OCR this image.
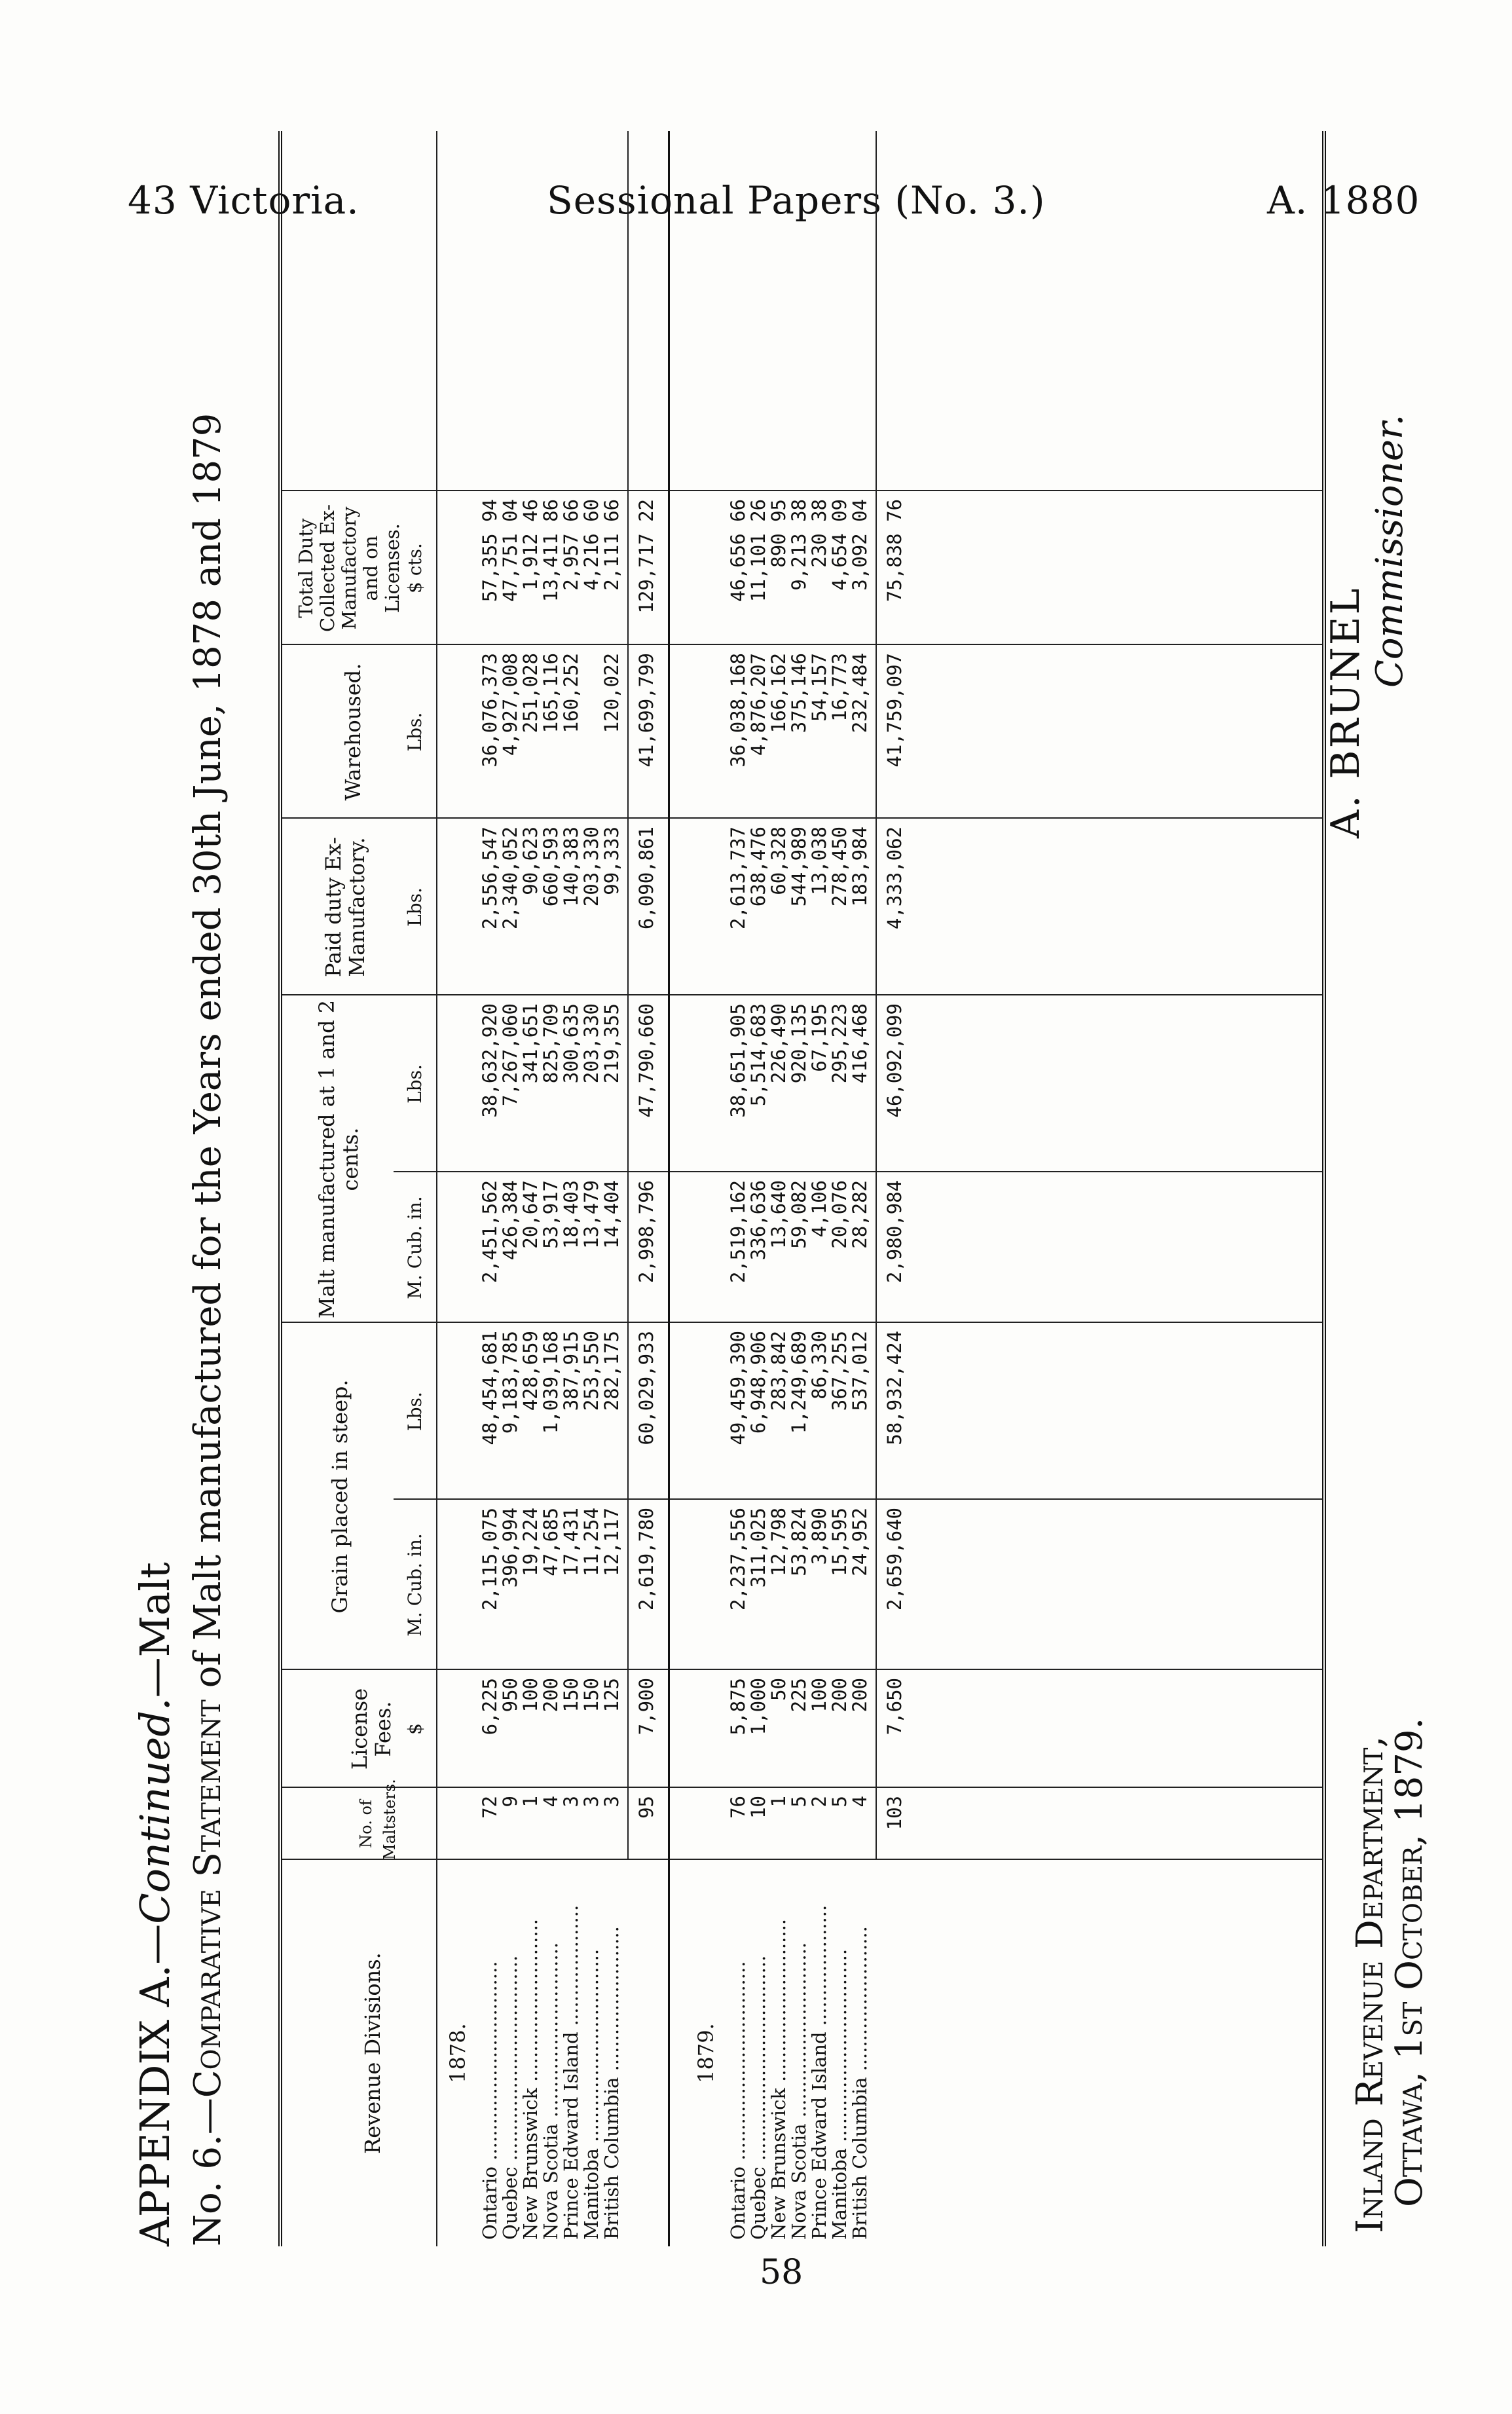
43 Victoria.	Sessional Papers (No. 3.)	A. 1880
APPENDIX A.—Continued.—Malt
No. 6.—Comparative Statement of Malt manufactured for the Years ended 30th June, 1878 and 1879
Revenue Divisions.
No. of Maltsters.
License Fees.
Grain placed in steep.
Malt manufactured at 1 and 2 cents.
Paid duty Ex-Manufactory.
Warehoused.
Total Duty Collected Ex-Manufactory and on Licenses.
$
M. Cub. in.
Lbs.
M. Cub. in.
Lbs.
Lbs.
Lbs.
$ cts.
1878. Ontario .................................
72
6,225
2,115,075
48,454,681
2,451,562
38,632,920
2,556,547
36,076,373
57,355 94
Quebec ..................................
9
950
396,994
9,183,785
426,384
7,267,060
2,340,052
4,927,008
47,751 04
New Brunswick ...........................
1
100
19,224
428,659
20,647
341,651
90,623
251,028
1,912 46
Nova Scotia .............................
4
200
47,685
1,039,168
53,917
825,709
660,593
165,116
13,411 86
Prince Edward Island ....................
3
150
17,431
387,915
18,403
300,635
140,383
160,252
2,957 66
Manitoba ................................
3
150
11,254
253,550
13,479
203,330
203,330
4,216 60
British Columbia ........................
3
125
12,117
282,175
14,404
219,355
99,333
120,022
2,111 66
95
7,900
2,619,780
60,029,933
2,998,796
47,790,660
6,090,861
41,699,799
129,717 22
1879. Ontario .................................
76
5,875
2,237,556
49,459,390
2,519,162
38,651,905
2,613,737
36,038,168
46,656 66
Quebec ..................................
10
1,000
311,025
6,948,906
336,636
5,514,683
638,476
4,876,207
11,101 26
New Brunswick ...........................
1
50
12,798
283,842
13,640
226,490
60,328
166,162
890 95
Nova Scotia .............................
5
225
53,824
1,249,689
59,082
920,135
544,989
375,146
9,213 38
Prince Edward Island ....................
2
100
3,890
86,330
4,106
67,195
13,038
54,157
230 38
Manitoba ................................
5
200
15,595
367,255
20,076
295,223
278,450
16,773
4,654 09
British Columbia ........................
4
200
24,952
537,012
28,282
416,468
183,984
232,484
3,092 04
103
7,650
2,659,640
58,932,424
2,980,984
46,092,099
4,333,062
41,759,097
75,838 76
Inland Revenue Department,
Ottawa, 1st October, 1879.
A. BRUNEL
Commissioner.
58
